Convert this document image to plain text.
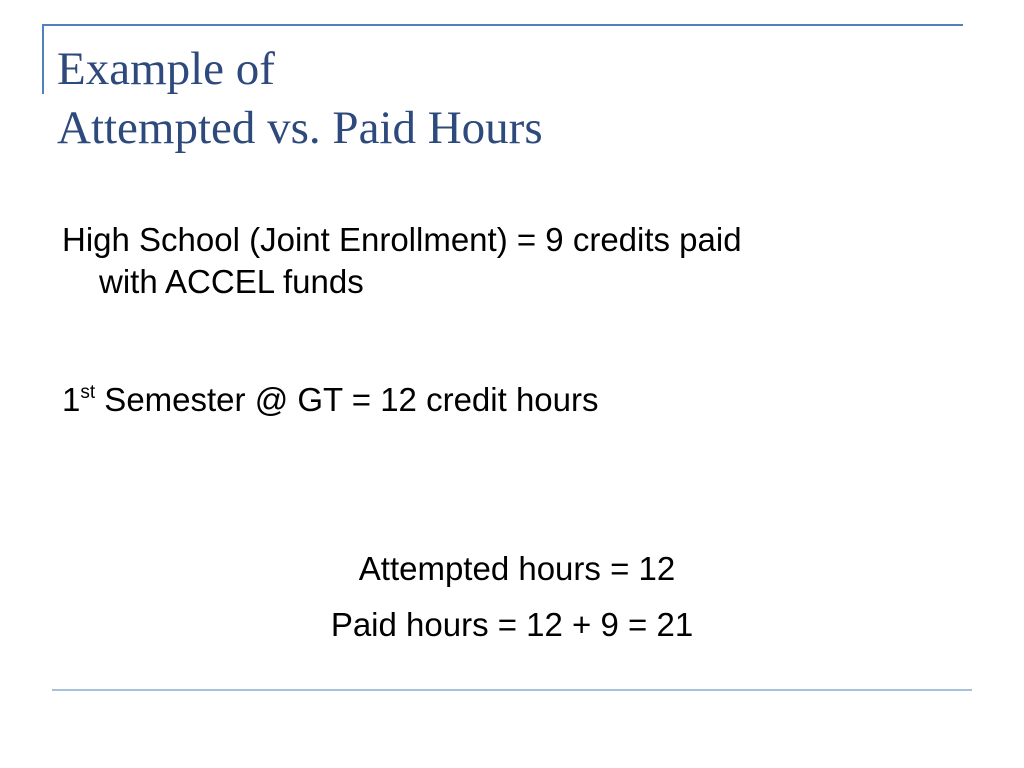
Example of
Attempted vs. Paid Hours

High School (Joint Enrollment) = 9 credits paid
with ACCEL funds

1st Semester @ GT = 12 credit hours

Attempted hours = 12

Paid hours = 12 + 9 = 21
